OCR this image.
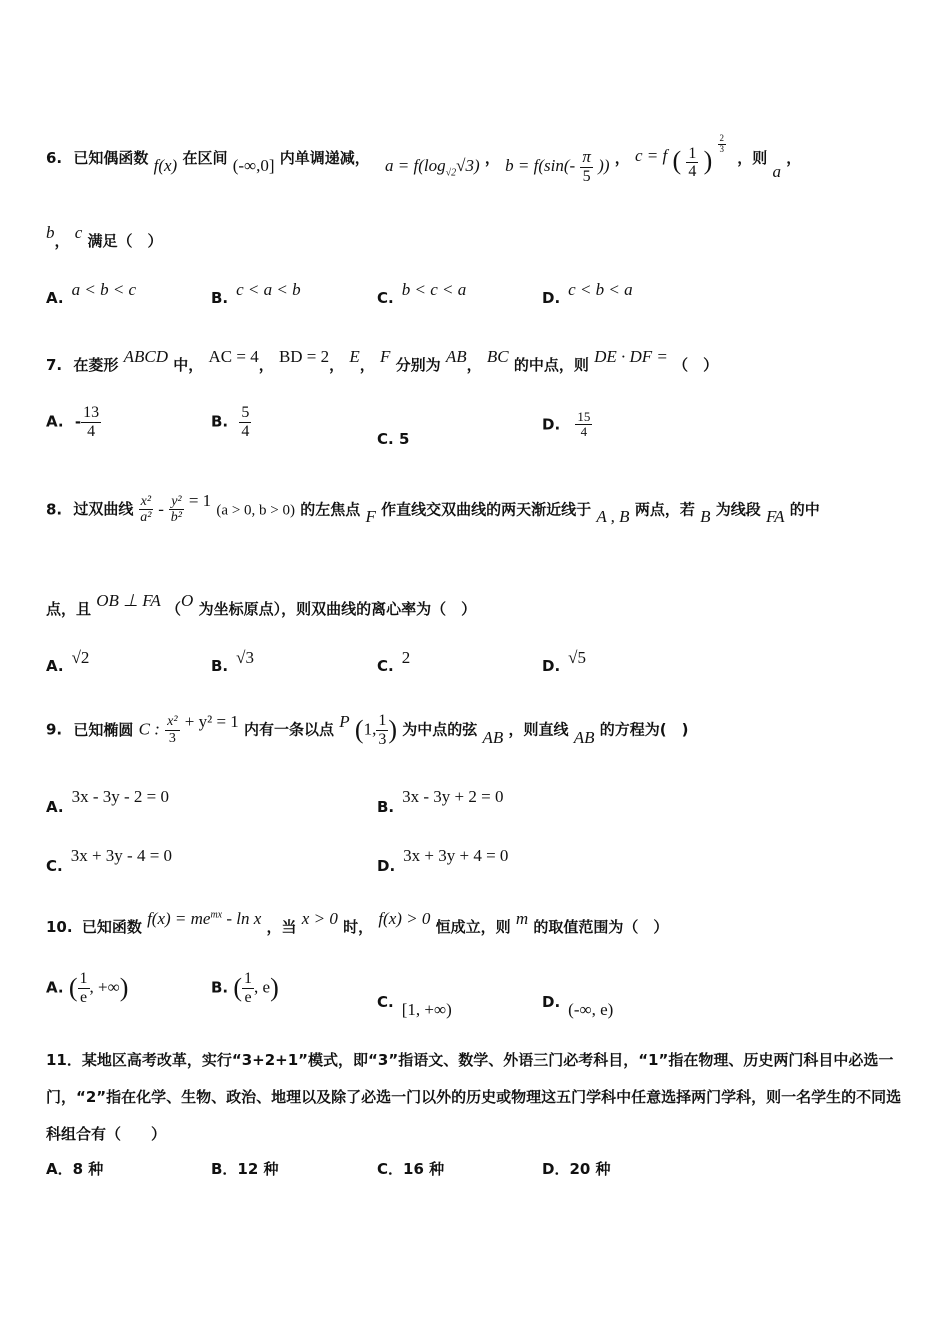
6. 已知偶函数 f(x) 在区间 (-∞,0] 内单调递减， $a = f(\log_{√2}√3)$ ， $b = f(\sin(- \frac{\pi}{5}$ )) ， c = f ( $\frac{1}{4}$ )
$\frac{2}{3}$
，则 a ，
b， c 满足（　）
A. a < b < c	B. c < a < b	C. b < c < a	D. c < b < a
7. 在菱形 ABCD 中， AC = 4， BD = 2， E， F 分别为 AB， BC 的中点，则 DE · DF = （　）
A. - $\frac{13}{4}$	B. $\frac{5}{4}$	C. 5
D. $\frac{15}{4}$
8. 过双曲线 $\frac{\text{x²}}{\text{a²}} - \frac{\text{y²}}{\text{b²}} = 1$ (a > 0, b > 0) 的左焦点 F 作直线交双曲线的两天渐近线于 A , B 两点，若 B 为线段 FA 的中
点，且 OB ⊥ FA （O 为坐标原点），则双曲线的离心率为（　）
A. √2	B. √3	C. 2	D. √5
9. 已知椭圆 C : $\frac{\text{x²}}{3} + y^2 = 1$ 内有一条以点 P (1, $\frac{1}{3}$ ) 为中点的弦 AB ，则直线 AB 的方程为(　)
A.3x - 3y - 2 = 0
B.3x - 3y + 2 = 0
C.3x + 3y - 4 = 0
D.3x + 3y + 4 = 0
10. 已知函数 $f(x) = me^{mx} - \ln x$ ，当 x > 0 时， f(x) > 0 恒成立，则 m 的取值范围为（　）
A. ( $\frac{1}{e}$ , +∞)	B. ( $\frac{1}{e}$ , e)	C. [1, +∞)	D. (-∞, e)
11．某地区高考改革，实行“3+2+1”模式，即“3”指语文、数学、外语三门必考科目，“1”指在物理、历史两门科目中必选一门，“2”指在化学、生物、政治、地理以及除了必选一门以外的历史或物理这五门学科中任意选择两门学科，则一名学生的不同选科组合有（　　）
A．8 种	B．12 种	C．16 种	D．20 种
